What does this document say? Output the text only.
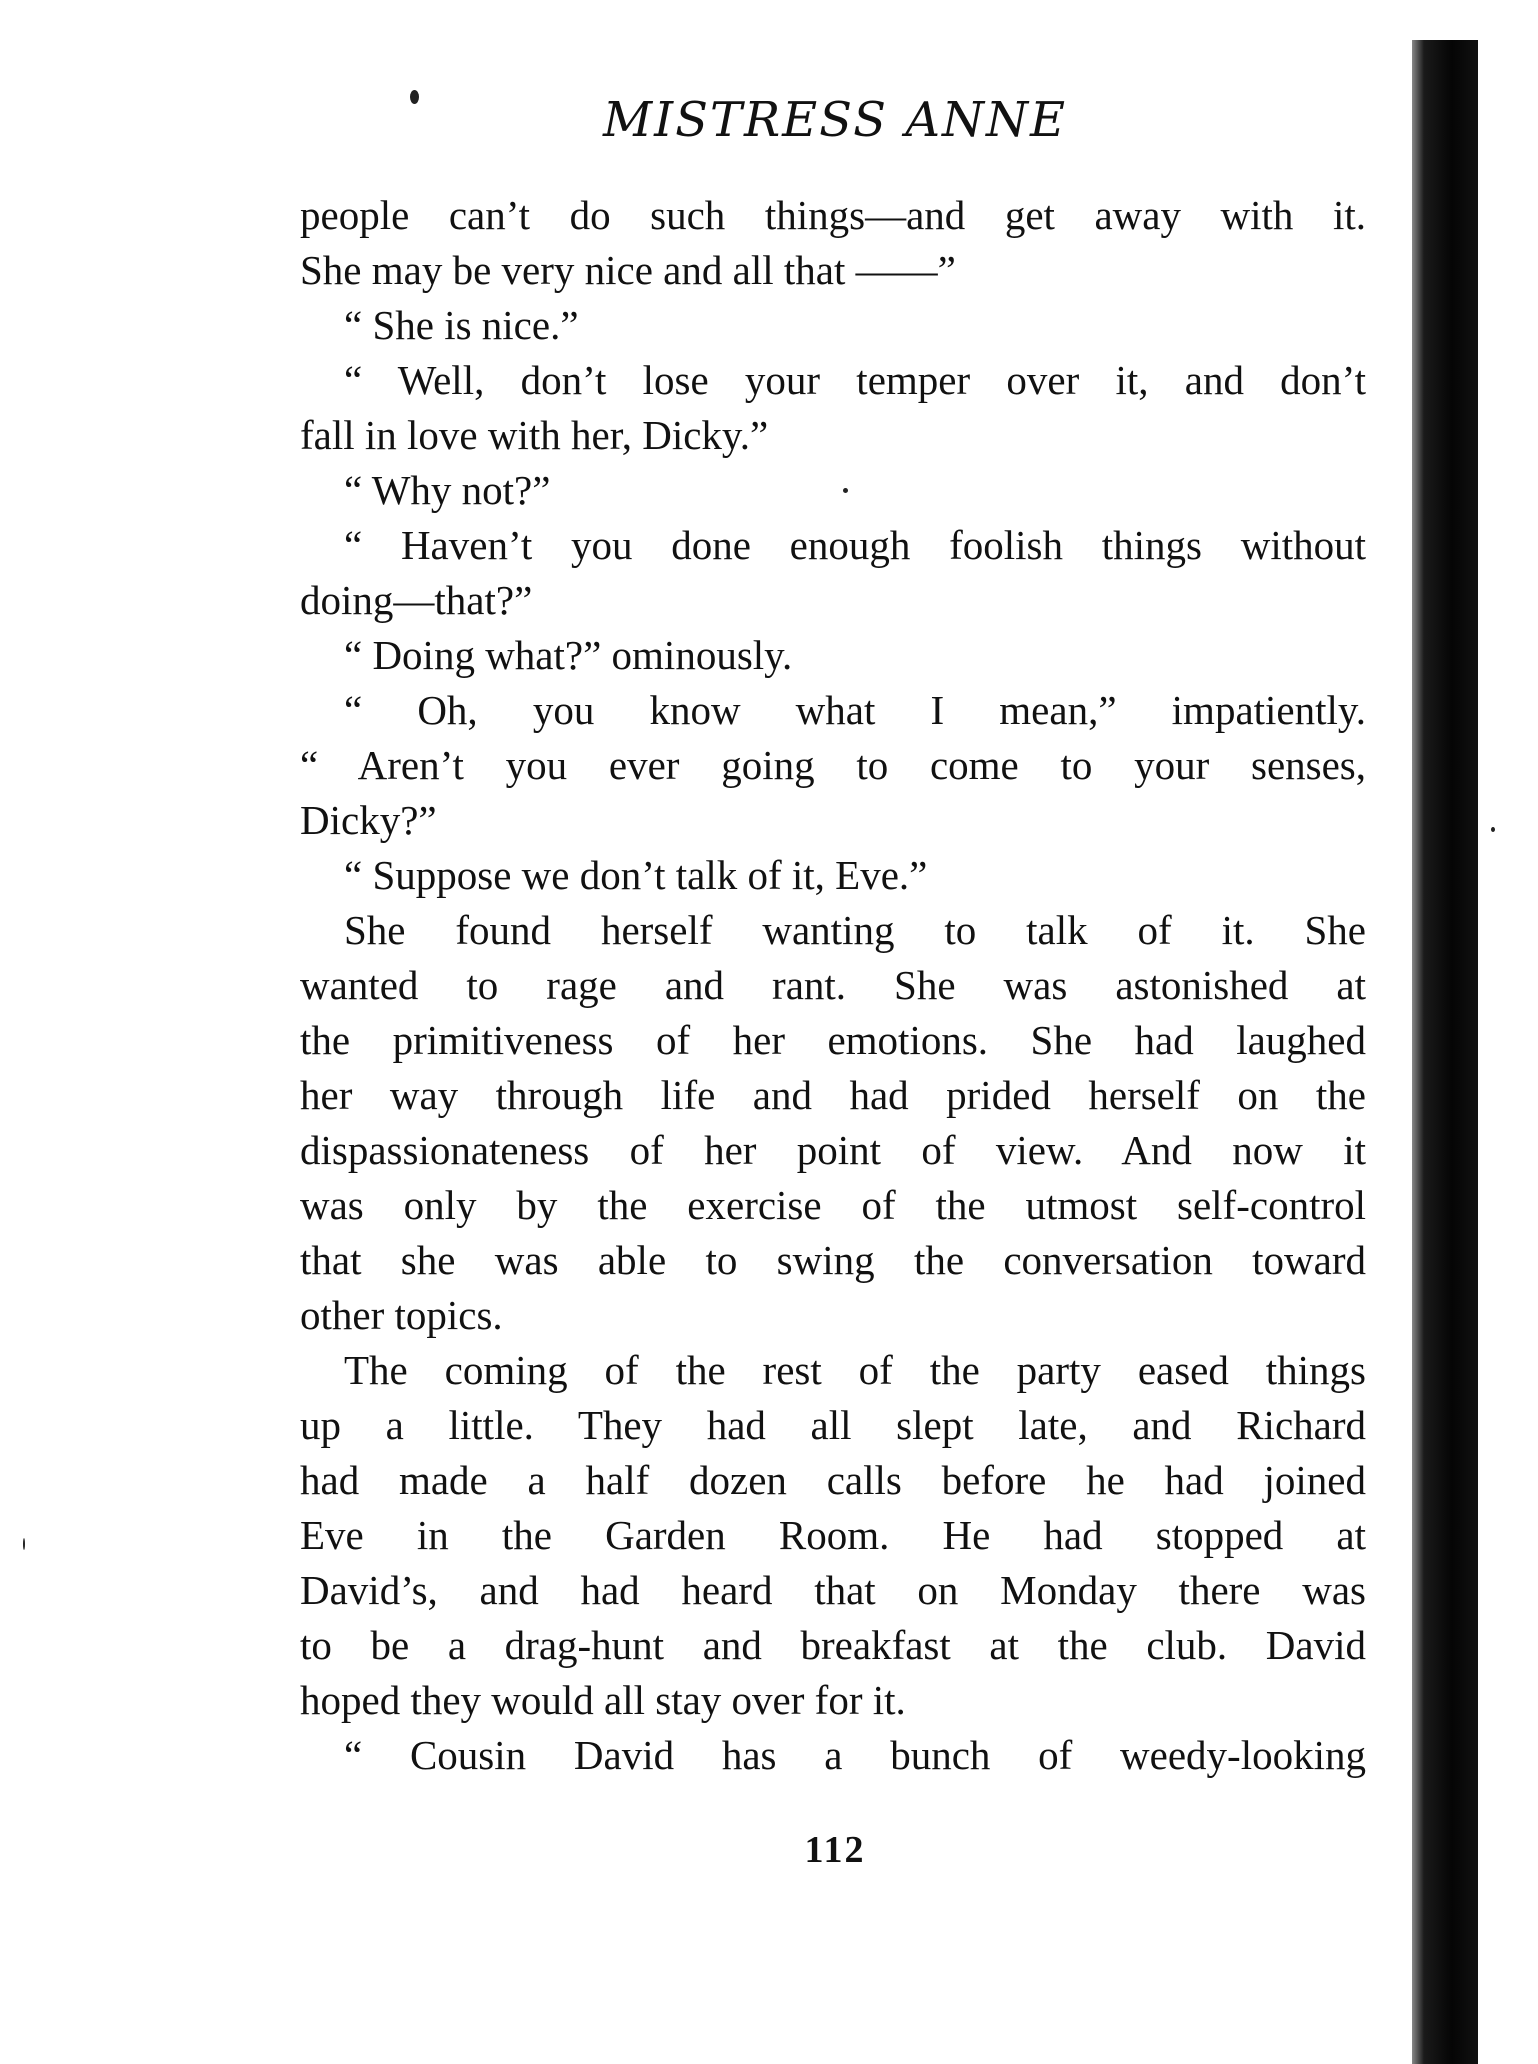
MISTRESS ANNE
people can’t do such things—and get away with it.
She may be very nice and all that ——”
“ She is nice.”
“ Well, don’t lose your temper over it, and don’t
fall in love with her, Dicky.”
“ Why not?”
“ Haven’t you done enough foolish things without
doing—that?”
“ Doing what?” ominously.
“ Oh, you know what I mean,” impatiently.
“ Aren’t you ever going to come to your senses,
Dicky?”
“ Suppose we don’t talk of it, Eve.”
She found herself wanting to talk of it. She
wanted to rage and rant. She was astonished at
the primitiveness of her emotions. She had laughed
her way through life and had prided herself on the
dispassionateness of her point of view. And now it
was only by the exercise of the utmost self-control
that she was able to swing the conversation toward
other topics.
The coming of the rest of the party eased things
up a little. They had all slept late, and Richard
had made a half dozen calls before he had joined
Eve in the Garden Room. He had stopped at
David’s, and had heard that on Monday there was
to be a drag-hunt and breakfast at the club. David
hoped they would all stay over for it.
“ Cousin David has a bunch of weedy-looking
112
